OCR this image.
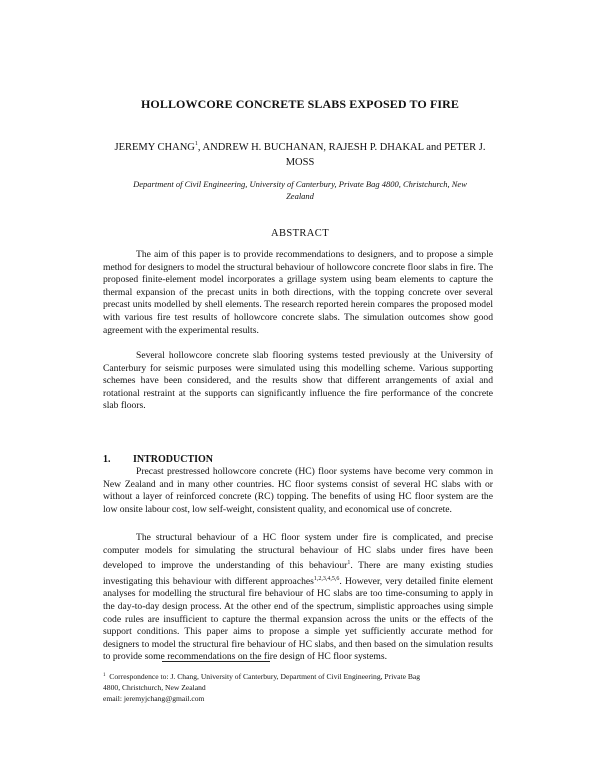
HOLLOWCORE CONCRETE SLABS EXPOSED TO FIRE
JEREMY CHANG$^1$, ANDREW H. BUCHANAN, RAJESH P. DHAKAL and PETER J.
MOSS
Department of Civil Engineering, University of Canterbury, Private Bag 4800, Christchurch, New
Zealand
ABSTRACT

The aim of this paper is to provide recommendations to designers, and to propose a simple method for designers to model the structural behaviour of hollowcore concrete floor slabs in fire. The proposed finite-element model incorporates a grillage system using beam elements to capture the thermal expansion of the precast units in both directions, with the topping concrete over several precast units modelled by shell elements. The research reported herein compares the proposed model with various fire test results of hollowcore concrete slabs. The simulation outcomes show good agreement with the experimental results.

Several hollowcore concrete slab flooring systems tested previously at the University of Canterbury for seismic purposes were simulated using this modelling scheme. Various supporting schemes have been considered, and the results show that different arrangements of axial and rotational restraint at the supports can significantly influence the fire performance of the concrete slab floors.

1. INTRODUCTION

Precast prestressed hollowcore concrete (HC) floor systems have become very common in New Zealand and in many other countries. HC floor systems consist of several HC slabs with or without a layer of reinforced concrete (RC) topping. The benefits of using HC floor system are the low onsite labour cost, low self-weight, consistent quality, and economical use of concrete.

The structural behaviour of a HC floor system under fire is complicated, and precise computer models for simulating the structural behaviour of HC slabs under fires have been developed to improve the understanding of this behaviour$^1$. There are many existing studies investigating this behaviour with different approaches$^{1,2,3,4,5,6}$. However, very detailed finite element analyses for modelling the structural fire behaviour of HC slabs are too time-consuming to apply in the day-to-day design process. At the other end of the spectrum, simplistic approaches using simple code rules are insufficient to capture the thermal expansion across the units or the effects of the support conditions. This paper aims to propose a simple yet sufficiently accurate method for designers to model the structural fire behaviour of HC slabs, and then based on the simulation results to provide some recommendations on the fire design of HC floor systems.

$^1$ Correspondence to: J. Chang, University of Canterbury, Department of Civil Engineering, Private Bag
4800, Christchurch, New Zealand
email: jeremyjchang@gmail.com
